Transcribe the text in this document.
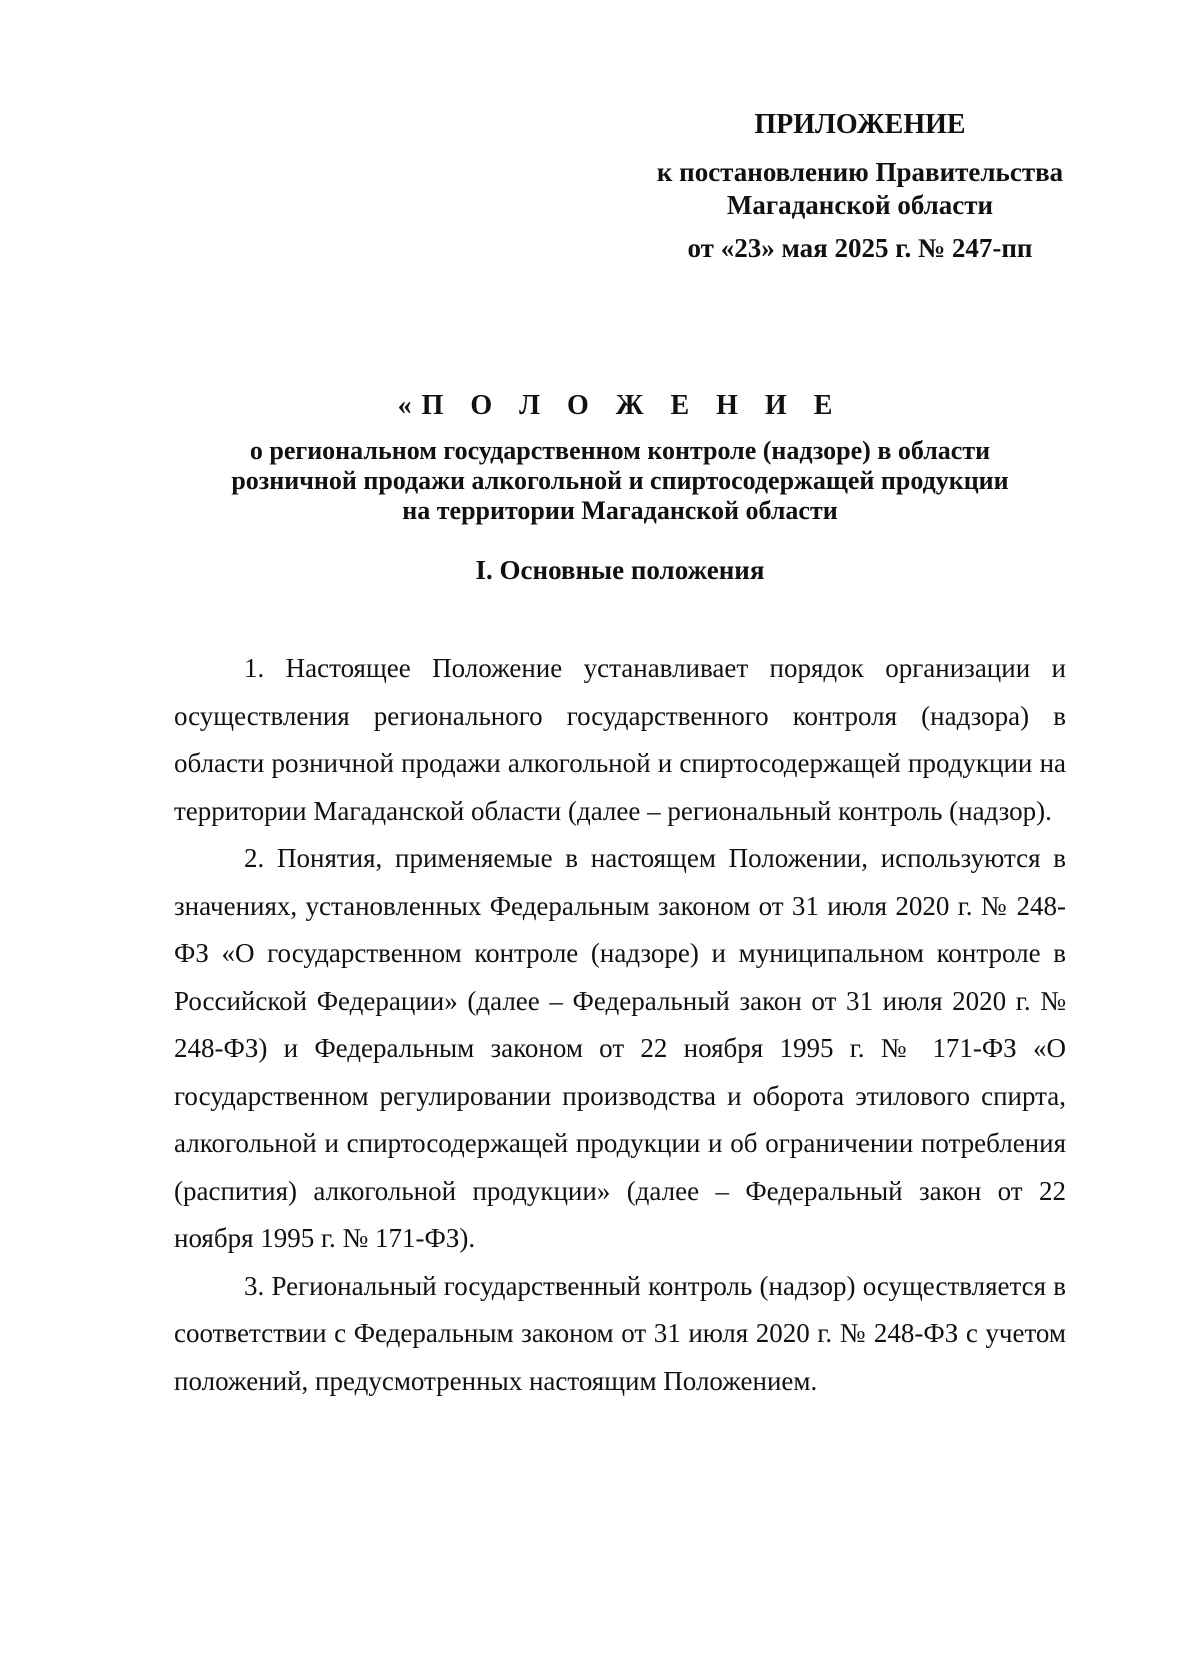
ПРИЛОЖЕНИЕ
к постановлению Правительства
Магаданской области
от «23» мая 2025 г. № 247-пп
«П О Л О Ж Е Н И Е
о региональном государственном контроле (надзоре) в области
розничной продажи алкогольной и спиртосодержащей продукции
на территории Магаданской области
I. Основные положения

1. Настоящее Положение устанавливает порядок организации и осуществления регионального государственного контроля (надзора) в области розничной продажи алкогольной и спиртосодержащей продукции на территории Магаданской области (далее – региональный контроль (надзор).

2. Понятия, применяемые в настоящем Положении, используются в значениях, установленных Федеральным законом от 31 июля 2020 г. № 248-ФЗ «О государственном контроле (надзоре) и муниципальном контроле в Российской Федерации» (далее – Федеральный закон от 31 июля 2020 г. № 248-ФЗ) и Федеральным законом от 22 ноября 1995 г. № 171-ФЗ «О государственном регулировании производства и оборота этилового спирта, алкогольной и спиртосодержащей продукции и об ограничении потребления (распития) алкогольной продукции» (далее – Федеральный закон от 22 ноября 1995 г. № 171-ФЗ).

3. Региональный государственный контроль (надзор) осуществляется в соответствии с Федеральным законом от 31 июля 2020 г. № 248-ФЗ с учетом положений, предусмотренных настоящим Положением.
